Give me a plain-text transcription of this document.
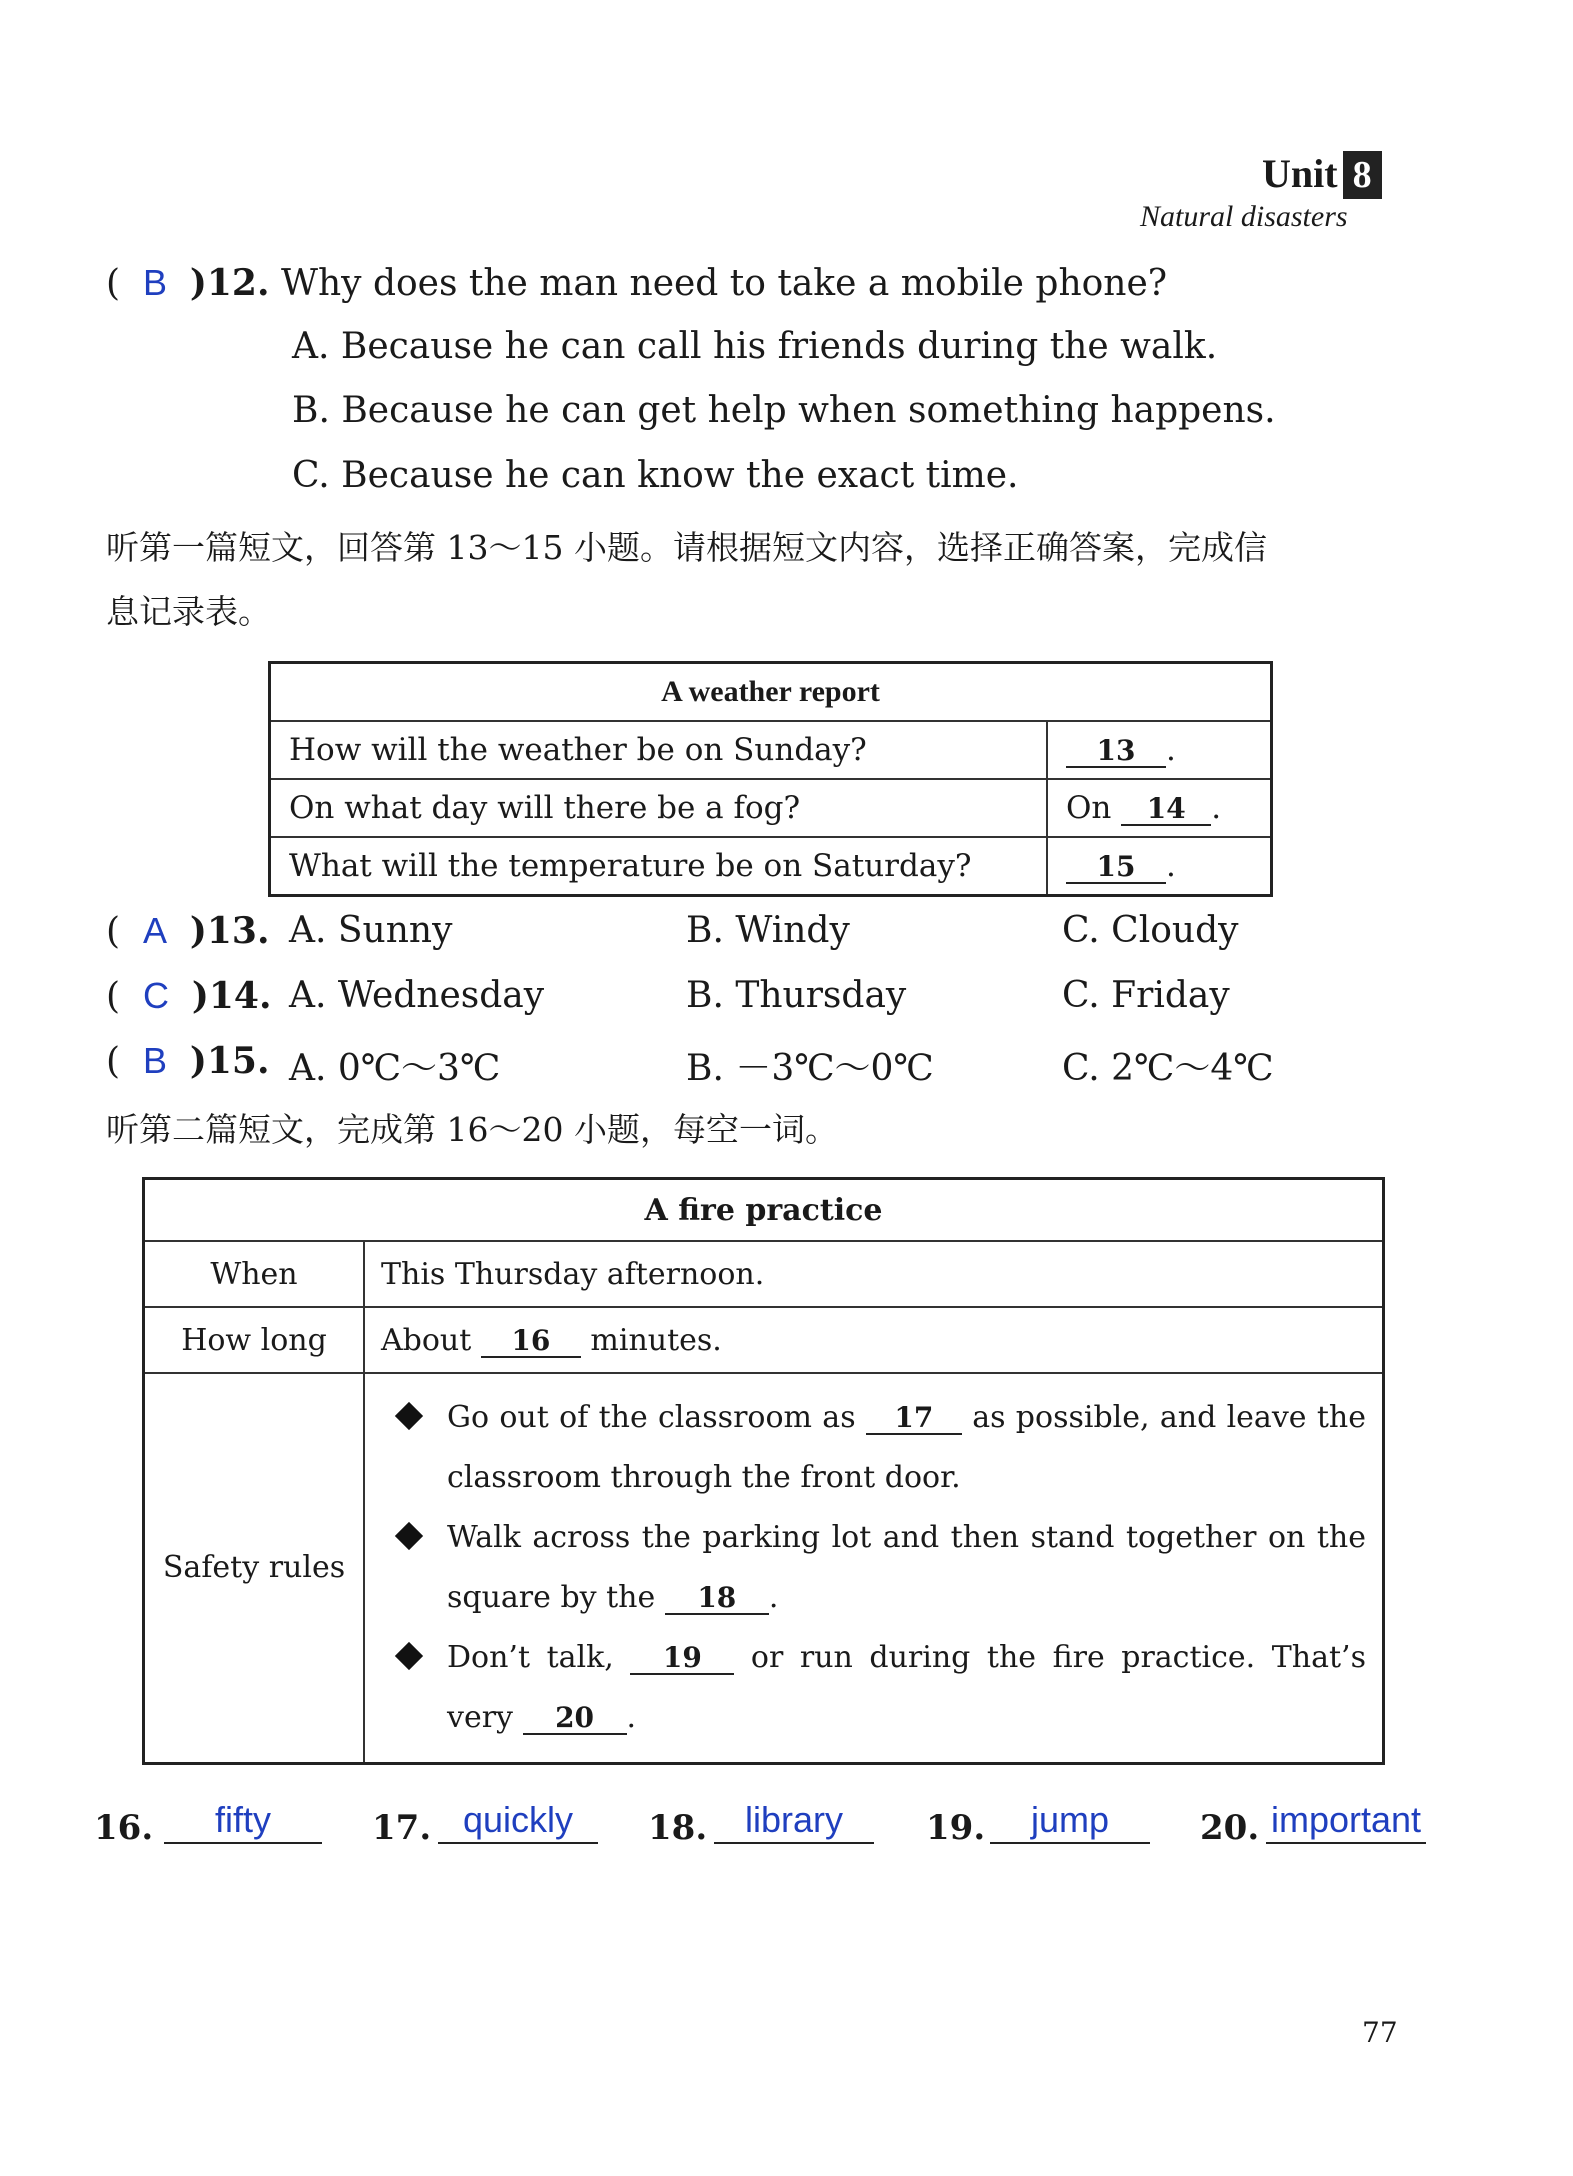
Unit 8
Natural disasters
(  B )12. Why does the man need to take a mobile phone?
A. Because he can call his friends during the walk.
B. Because he can get help when something happens.
C. Because he can know the exact time.
听第一篇短文，回答第 13～15 小题。请根据短文内容，选择正确答案，完成信
息记录表。
A weather report	
How will the weather be on Sunday?	13 .
On what day will there be a fog?	On 14 .
What will the temperature be on Saturday?	15 .
(  A )13. A. Sunny	B. Windy	C. Cloudy
(  C )14. A. Wednesday	B. Thursday	C. Friday
(  B )15. A. 0℃～3℃	B. －3℃～0℃	C. 2℃～4℃
听第二篇短文，完成第 16～20 小题，每空一词。
A fire practice	
When	This Thursday afternoon.
How long	About 16 minutes.
Safety rules	Go out of the classroom as 17 as possible, and leave the classroom through the front door.
Walk across the parking lot and then stand together on the square by the 18 .
Don’t talk, 19 or run during the fire practice. That’s very 20 .
16.	fifty	17. quickly	18.	library	19.	jump	20. important
77
